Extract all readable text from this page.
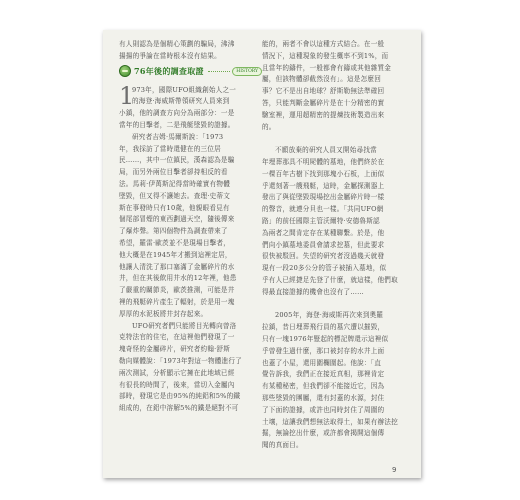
有人則認為是個精心策劃的騙局，沸沸
揚揚的爭論在當時根本沒有結果。
76年後的調查取證	HISTORY
1
973年，國際UFO組織創始人之一
的海登·海威斯帶領研究人員來到
小鎮，他的調查方向分為兩部分：一是
當年的目擊者，二是飛艇墜毀的證據。
研究者吉姆·馬爾斯說：「1973
年，我採訪了當時還健在的三位居
民……，其中一位鎮民，漢森認為是騙
局，而另外兩位目擊者卻持相反的看
法。馬莉·伊萬斯記得當時確實有物體
墜毀，但又得不讓她去。查理·史蒂文
斯在事發時只有10歲，他親眼看見有
個尾部冒煙的東西劃過天空，隨後傳來
了爆炸聲。第四個物件為調查帶來了
希望，羅雷·歐茨並不是現場目擊者，
他大概是在1945年才搬到這裡定居，
他讓人清洗了那口塞滿了金屬碎片的水
井，但在其後飲用井水的12年裡，他患
了嚴重的關節炎，歐茨推測，可能是井
裡的飛艇碎片產生了輻射，於是用一塊
厚厚的水泥板將井封存起來。
UFO研究者們只能將目光轉向曾洛
克特法官的住宅，在這裡他們發現了一
塊奇怪的金屬碎片，研究者約翰·舒斯
勒向媒體說：「1973年對這一物體進行了
兩次測試，分析顯示它擁在此地域已經
有很長的時間了，後來，當切入金屬內
部時，發現它是由95%的純鋁和5%的鐵
組成的，在鋁中溶解5%的鐵是絕對不可
能的，兩者不會以這種方式結合。在一般
情況下，這種現象的發生概率不到1%，而
且當年的鑄件，一般都會有鑄或其他雜質金
屬，但該物體卻截然沒有」。這是怎麼回
事？它不是出自地球？舒斯勒無法準確回
答，只能判斷金屬碎片是在十分精密的實
驗室裡，運用超精密的提煉技術製造出來
的。
不願放棄的研究人員又開始尋找當
年埋葬那具不明屍體的墓地，他們終於在
一棵百年古樹下找到那塊小石板，上面似
乎還刻著一艘飛艇，這時，金屬探測器上
發出了與從墜毀現場挖出金屬碎片時一樣
的聲音，就連分貝也一樣。「共同UFO網
路」的前任國際主管沃爾特·安德魯斯認
為兩者之間肯定存在某種聯繫。於是，他
們向小鎮墓地委員會請求挖墓，但此要求
很快被駁回。失望的研究者沒過幾天就發
現有一段20多公分的管子被插入墓地，似
乎有人已經捷足先登了什麼，就這樣，他們取
得最直接證據的機會也沒有了……
2005年，海登·海威斯再次來到奧羅
拉鎮，昔日埋葬飛行員的墓穴遭以摧毀，
只有一塊1976年豎起的標記牌還示這裡似
乎曾發生過什麼，那口被封存的水井上面
也蓋了小屋，還用圍欄圍起。他說：「直
覺告訴我，我們正在接近真相，那裡肯定
有某種秘密，但我們卻不能接近它，因為
那些墜毀的團屬，還有封蓋的水源，封住
了下面的證據，或許也同時封住了周圍的
土壤，這讓我們想無法取得土，如果有辦法挖
掘，無論挖出什麼，或許都會揭開這個傳
聞的真面目。
9
